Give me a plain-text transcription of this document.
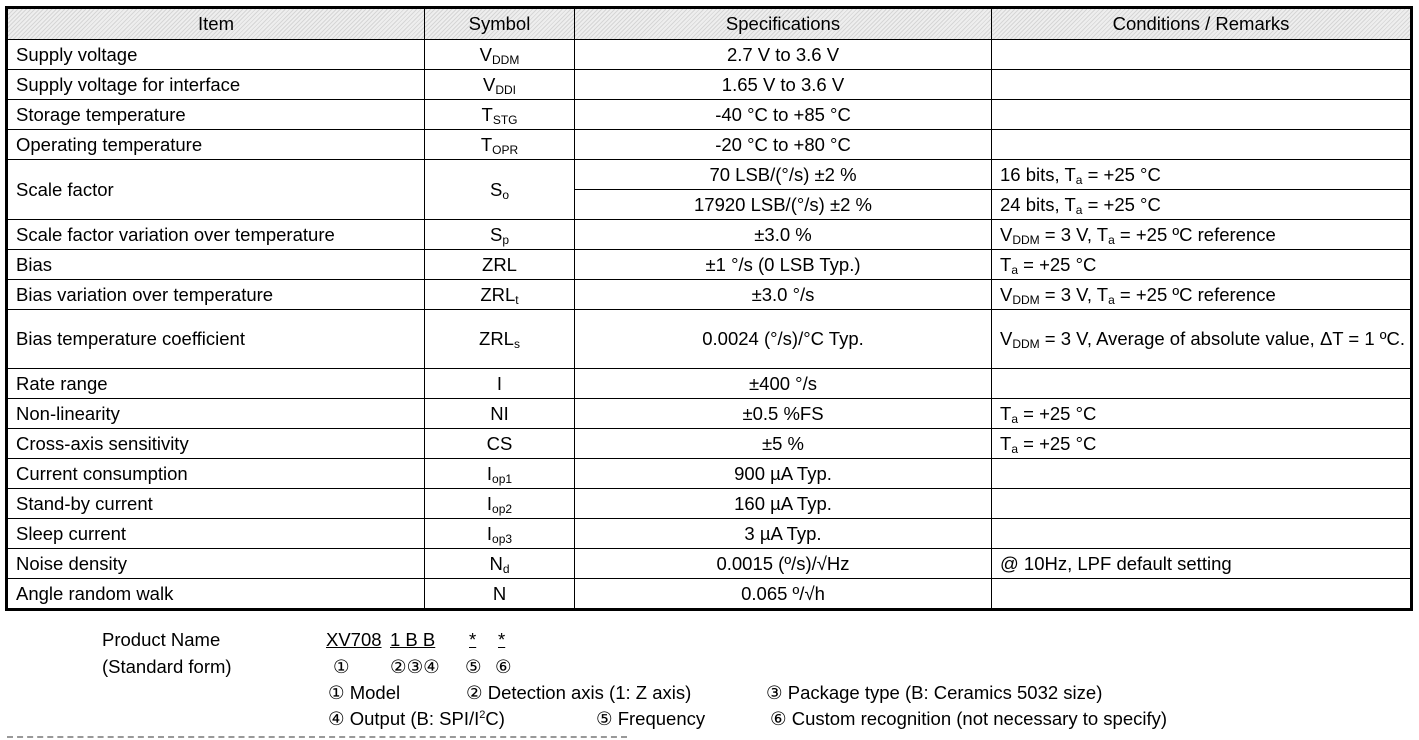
Item	Symbol	Specifications	Conditions / Remarks
Supply voltage	$V_{DDM}$	2.7 V to 3.6 V	
Supply voltage for interface	$V_{DDI}$	1.65 V to 3.6 V	
Storage temperature	$T_{STG}$	-40 °C to +85 °C	
Operating temperature	$T_{OPR}$	-20 °C to +80 °C	
Scale factor	$S_o$	70 LSB/(°/s) ±2 %	16 bits, $T_a = +25$ °C
		17920 LSB/(°/s) ±2 %	24 bits, $T_a = +25$ °C
Scale factor variation over temperature	$S_p$	±3.0 %	$V_{DDM} = 3$ V, $T_a = +25$ ºC reference
Bias	ZRL	±1 °/s (0 LSB Typ.)	$T_a = +25$ °C
Bias variation over temperature	$ZRL_t$	±3.0 °/s	$V_{DDM} = 3$ V, $T_a = +25$ ºC reference
Bias temperature coefficient	$ZRL_s$	0.0024 (°/s)/°C Typ.	$V_{DDM} = 3$ V, Average of absolute value, ΔT = 1 ºC.
Rate range	I	±400 °/s	
Non-linearity	NI	±0.5 %FS	$T_a = +25$ °C
Cross-axis sensitivity	CS	±5 %	$T_a = +25$ °C
Current consumption	$I_{op1}$	900 µA Typ.	
Stand-by current	$I_{op2}$	160 µA Typ.	
Sleep current	$I_{op3}$	3 µA Typ.	
Noise density	$N_d$	0.0015 (º/s)/√Hz	@ 10Hz, LPF default setting
Angle random walk	N	0.065 º/√h	
Product Name
(Standard form)
XV708 1 B B * *
① ②③④ ⑤ ⑥
① Model	② Detection axis (1: Z axis)	③ Package type (B: Ceramics 5032 size)
④ Output (B: SPI/$I^2C$)	⑤ Frequency	⑥ Custom recognition (not necessary to specify)
